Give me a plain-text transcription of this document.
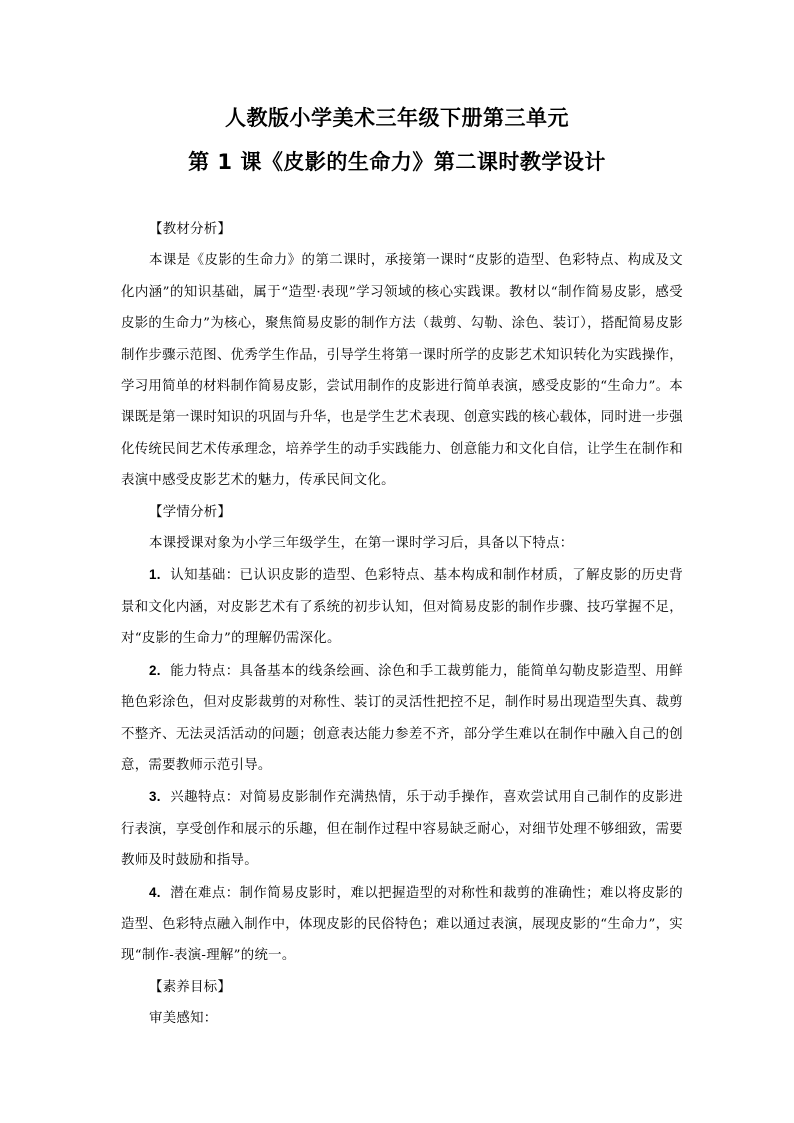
人教版小学美术三年级下册第三单元
第 1 课《皮影的生命力》第二课时教学设计

【教材分析】

本课是《皮影的生命力》的第二课时，承接第一课时“皮影的造型、色彩特点、构成及文化内涵”的知识基础，属于“造型·表现”学习领域的核心实践课。教材以“制作简易皮影，感受皮影的生命力”为核心，聚焦简易皮影的制作方法（裁剪、勾勒、涂色、装订），搭配简易皮影制作步骤示范图、优秀学生作品，引导学生将第一课时所学的皮影艺术知识转化为实践操作，学习用简单的材料制作简易皮影，尝试用制作的皮影进行简单表演，感受皮影的“生命力”。本课既是第一课时知识的巩固与升华，也是学生艺术表现、创意实践的核心载体，同时进一步强化传统民间艺术传承理念，培养学生的动手实践能力、创意能力和文化自信，让学生在制作和表演中感受皮影艺术的魅力，传承民间文化。

【学情分析】

本课授课对象为小学三年级学生，在第一课时学习后，具备以下特点：

1. 认知基础：已认识皮影的造型、色彩特点、基本构成和制作材质，了解皮影的历史背景和文化内涵，对皮影艺术有了系统的初步认知，但对简易皮影的制作步骤、技巧掌握不足，对“皮影的生命力”的理解仍需深化。

2. 能力特点：具备基本的线条绘画、涂色和手工裁剪能力，能简单勾勒皮影造型、用鲜艳色彩涂色，但对皮影裁剪的对称性、装订的灵活性把控不足，制作时易出现造型失真、裁剪不整齐、无法灵活活动的问题；创意表达能力参差不齐，部分学生难以在制作中融入自己的创意，需要教师示范引导。

3. 兴趣特点：对简易皮影制作充满热情，乐于动手操作，喜欢尝试用自己制作的皮影进行表演，享受创作和展示的乐趣，但在制作过程中容易缺乏耐心，对细节处理不够细致，需要教师及时鼓励和指导。

4. 潜在难点：制作简易皮影时，难以把握造型的对称性和裁剪的准确性；难以将皮影的造型、色彩特点融入制作中，体现皮影的民俗特色；难以通过表演，展现皮影的“生命力”，实现“制作-表演-理解”的统一。

【素养目标】

审美感知：
